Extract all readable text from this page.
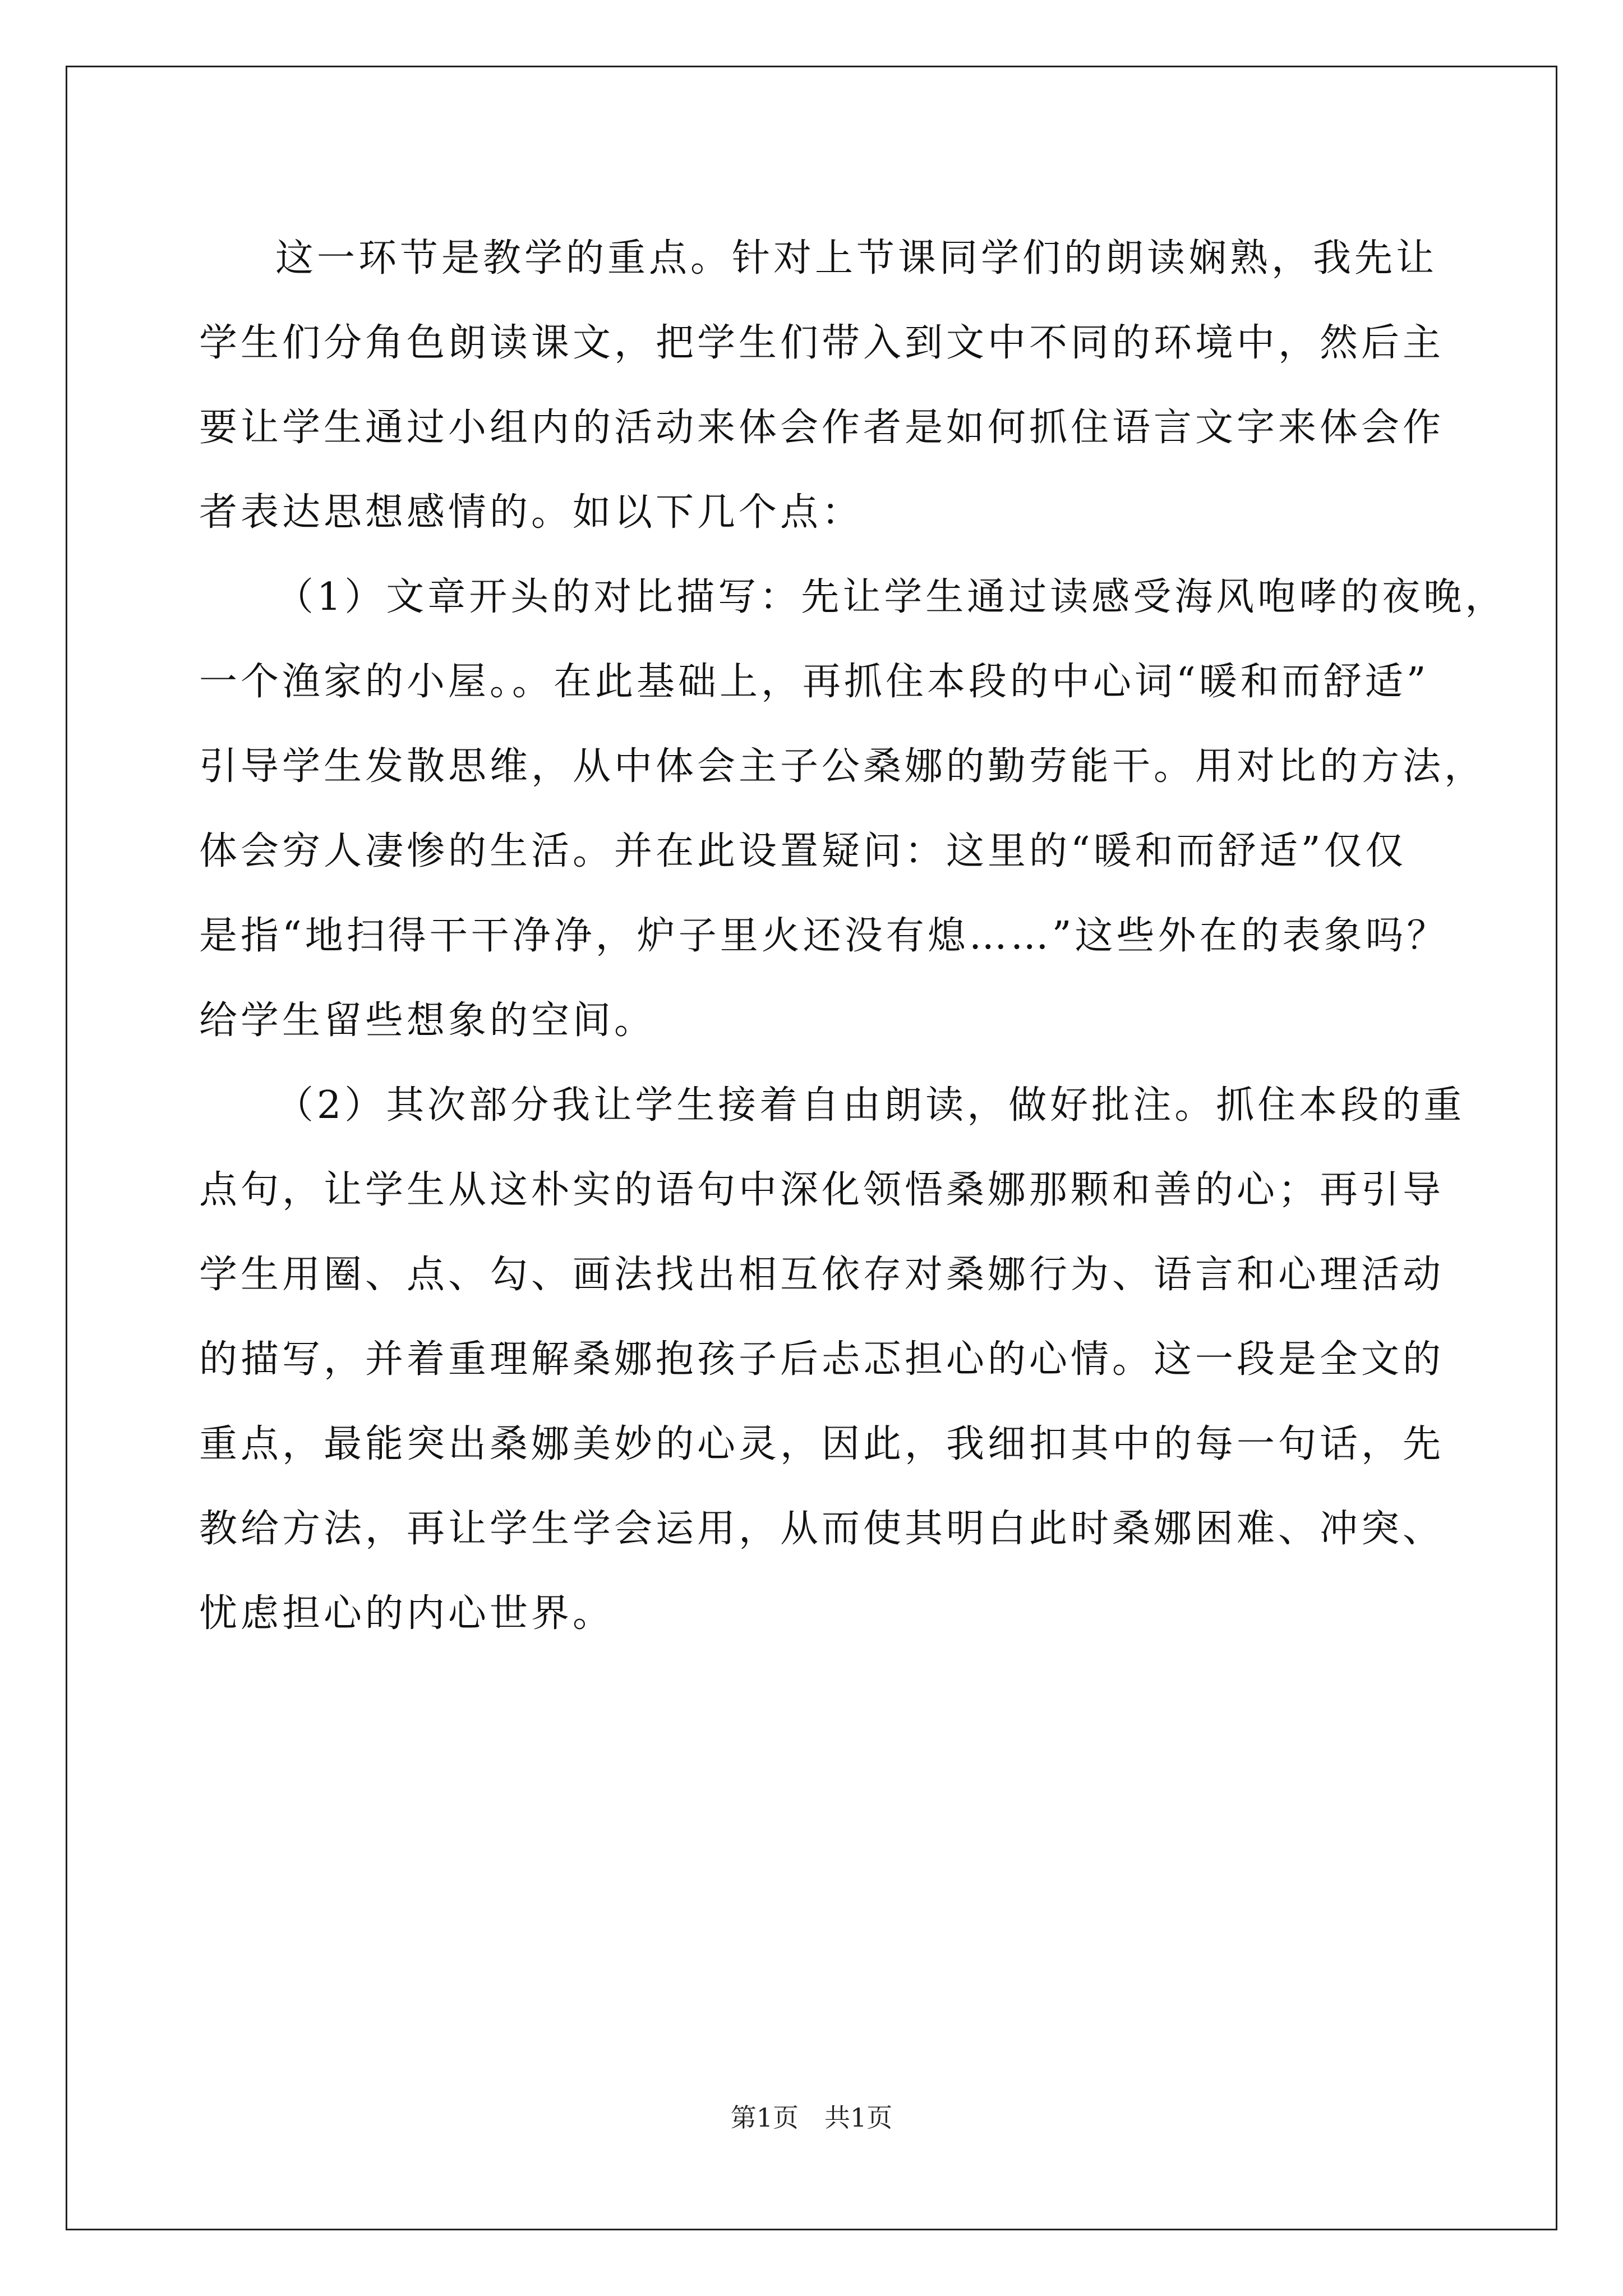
这一环节是教学的重点。针对上节课同学们的朗读娴熟，我先让
学生们分角色朗读课文，把学生们带入到文中不同的环境中，然后主
要让学生通过小组内的活动来体会作者是如何抓住语言文字来体会作
者表达思想感情的。如以下几个点：
（1）文章开头的对比描写：先让学生通过读感受海风咆哮的夜晚，
一个渔家的小屋。。在此基础上，再抓住本段的中心词“暖和而舒适”
引导学生发散思维，从中体会主子公桑娜的勤劳能干。用对比的方法，
体会穷人凄惨的生活。并在此设置疑问：这里的“暖和而舒适”仅仅
是指“地扫得干干净净，炉子里火还没有熄……”这些外在的表象吗？
给学生留些想象的空间。
（2）其次部分我让学生接着自由朗读，做好批注。抓住本段的重
点句，让学生从这朴实的语句中深化领悟桑娜那颗和善的心；再引导
学生用圈、点、勾、画法找出相互依存对桑娜行为、语言和心理活动
的描写，并着重理解桑娜抱孩子后忐忑担心的心情。这一段是全文的
重点，最能突出桑娜美妙的心灵，因此，我细扣其中的每一句话，先
教给方法，再让学生学会运用，从而使其明白此时桑娜困难、冲突、
忧虑担心的内心世界。
第1页　共1页
